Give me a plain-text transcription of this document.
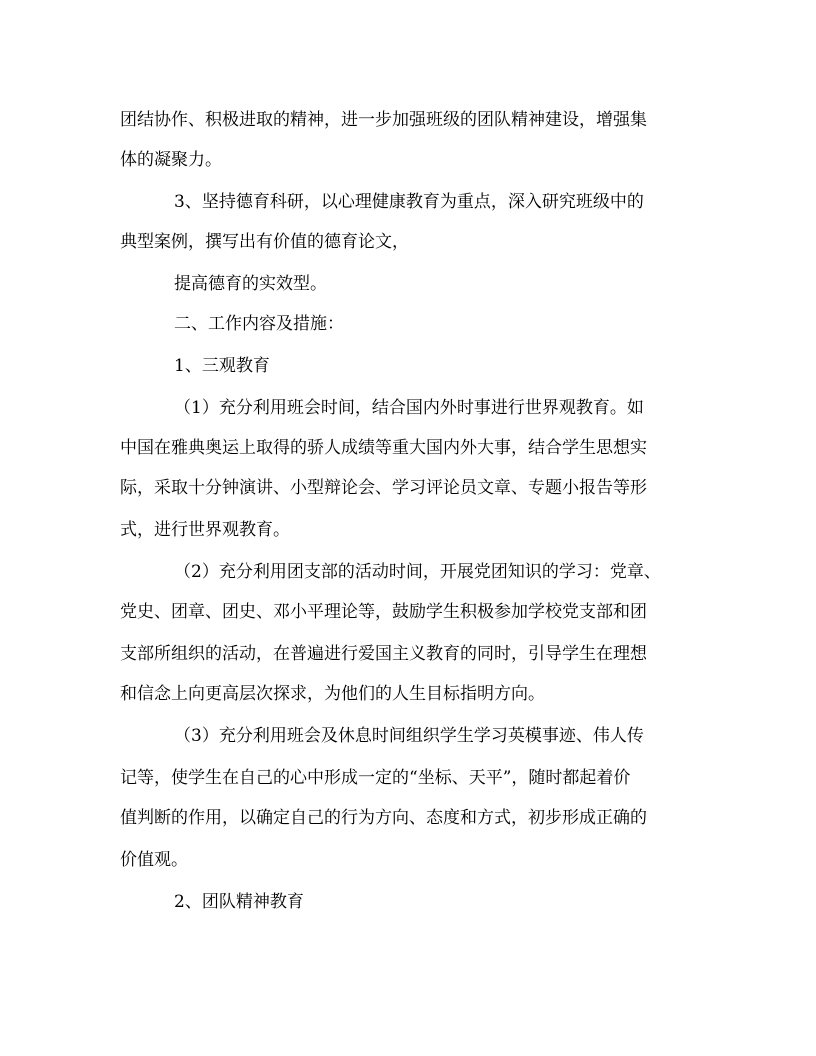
团结协作、积极进取的精神，进一步加强班级的团队精神建设，增强集
体的凝聚力。
3、坚持德育科研，以心理健康教育为重点，深入研究班级中的
典型案例，撰写出有价值的德育论文，
提高德育的实效型。
二、工作内容及措施：
1、三观教育
（1）充分利用班会时间，结合国内外时事进行世界观教育。如
中国在雅典奥运上取得的骄人成绩等重大国内外大事，结合学生思想实
际，采取十分钟演讲、小型辩论会、学习评论员文章、专题小报告等形
式，进行世界观教育。
（2）充分利用团支部的活动时间，开展党团知识的学习：党章、
党史、团章、团史、邓小平理论等，鼓励学生积极参加学校党支部和团
支部所组织的活动，在普遍进行爱国主义教育的同时，引导学生在理想
和信念上向更高层次探求，为他们的人生目标指明方向。
（3）充分利用班会及休息时间组织学生学习英模事迹、伟人传
记等，使学生在自己的心中形成一定的“坐标、天平”，随时都起着价
值判断的作用，以确定自己的行为方向、态度和方式，初步形成正确的
价值观。
2、团队精神教育
